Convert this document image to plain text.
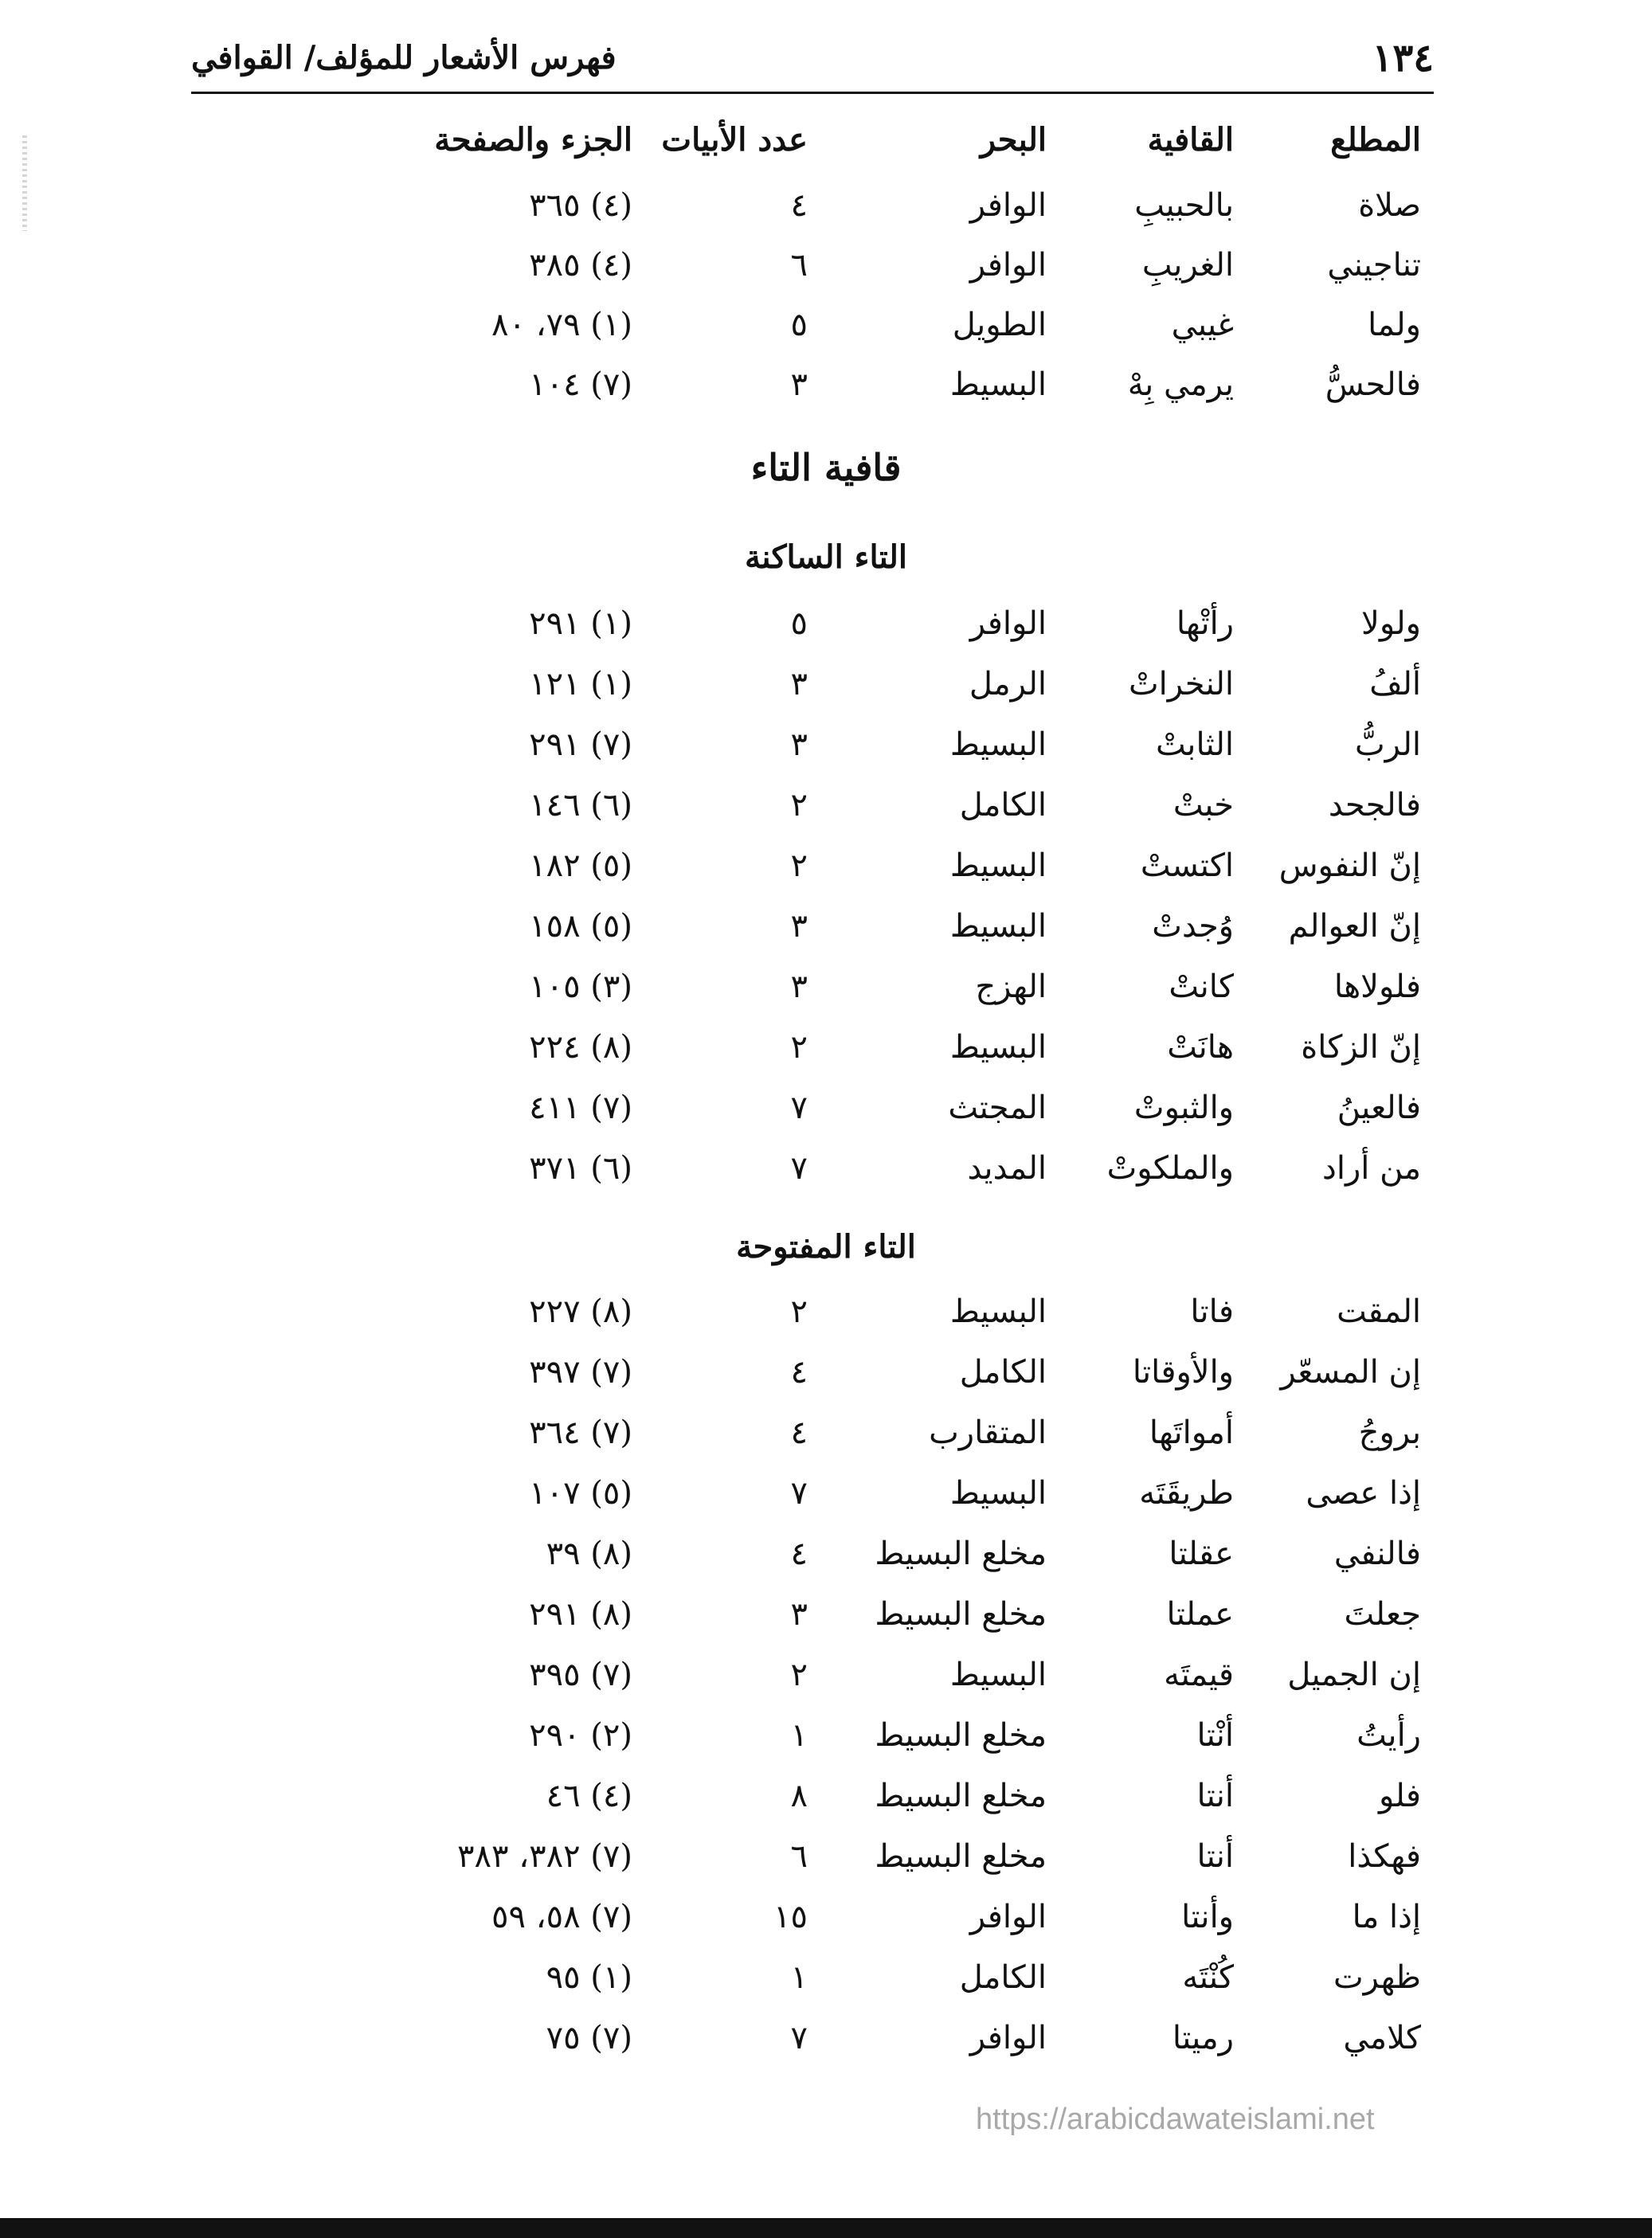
١٣٤
فهرس الأشعار للمؤلف/ القوافي
المطلع
القافية
البحر
عدد الأبيات
الجزء والصفحة
صلاة
بالحبيبِ
الوافر
٤
(٤) ٣٦٥
تناجيني
الغريبِ
الوافر
٦
(٤) ٣٨٥
ولما
غيبي
الطويل
٥
(١) ٧٩، ٨٠
فالحسُّ
يرمي بِهْ
البسيط
٣
(٧) ١٠٤
قافية التاء
التاء الساكنة
ولولا
رأتْها
الوافر
٥
(١) ٢٩١
ألفُ
النخراتْ
الرمل
٣
(١) ١٢١
الربُّ
الثابتْ
البسيط
٣
(٧) ٢٩١
فالجحد
خبتْ
الكامل
٢
(٦) ١٤٦
إنّ النفوس
اكتستْ
البسيط
٢
(٥) ١٨٢
إنّ العوالم
وُجدتْ
البسيط
٣
(٥) ١٥٨
فلولاها
كانتْ
الهزج
٣
(٣) ١٠٥
إنّ الزكاة
هانَتْ
البسيط
٢
(٨) ٢٢٤
فالعينُ
والثبوتْ
المجتث
٧
(٧) ٤١١
من أراد
والملكوتْ
المديد
٧
(٦) ٣٧١
التاء المفتوحة
المقت
فاتا
البسيط
٢
(٨) ٢٢٧
إن المسعّر
والأوقاتا
الكامل
٤
(٧) ٣٩٧
بروجُ
أمواتَها
المتقارب
٤
(٧) ٣٦٤
إذا عصى
طريقَتَه
البسيط
٧
(٥) ١٠٧
فالنفي
عقلتا
مخلع البسيط
٤
(٨) ٣٩
جعلتَ
عملتا
مخلع البسيط
٣
(٨) ٢٩١
إن الجميل
قيمتَه
البسيط
٢
(٧) ٣٩٥
رأيتُ
أنْتا
مخلع البسيط
١
(٢) ٢٩٠
فلو
أنتا
مخلع البسيط
٨
(٤) ٤٦
فهكذا
أنتا
مخلع البسيط
٦
(٧) ٣٨٢، ٣٨٣
إذا ما
وأنتا
الوافر
١٥
(٧) ٥٨، ٥٩
ظهرت
كُنْتَه
الكامل
١
(١) ٩٥
كلامي
رميتا
الوافر
٧
(٧) ٧٥
https://arabicdawateislami.net
